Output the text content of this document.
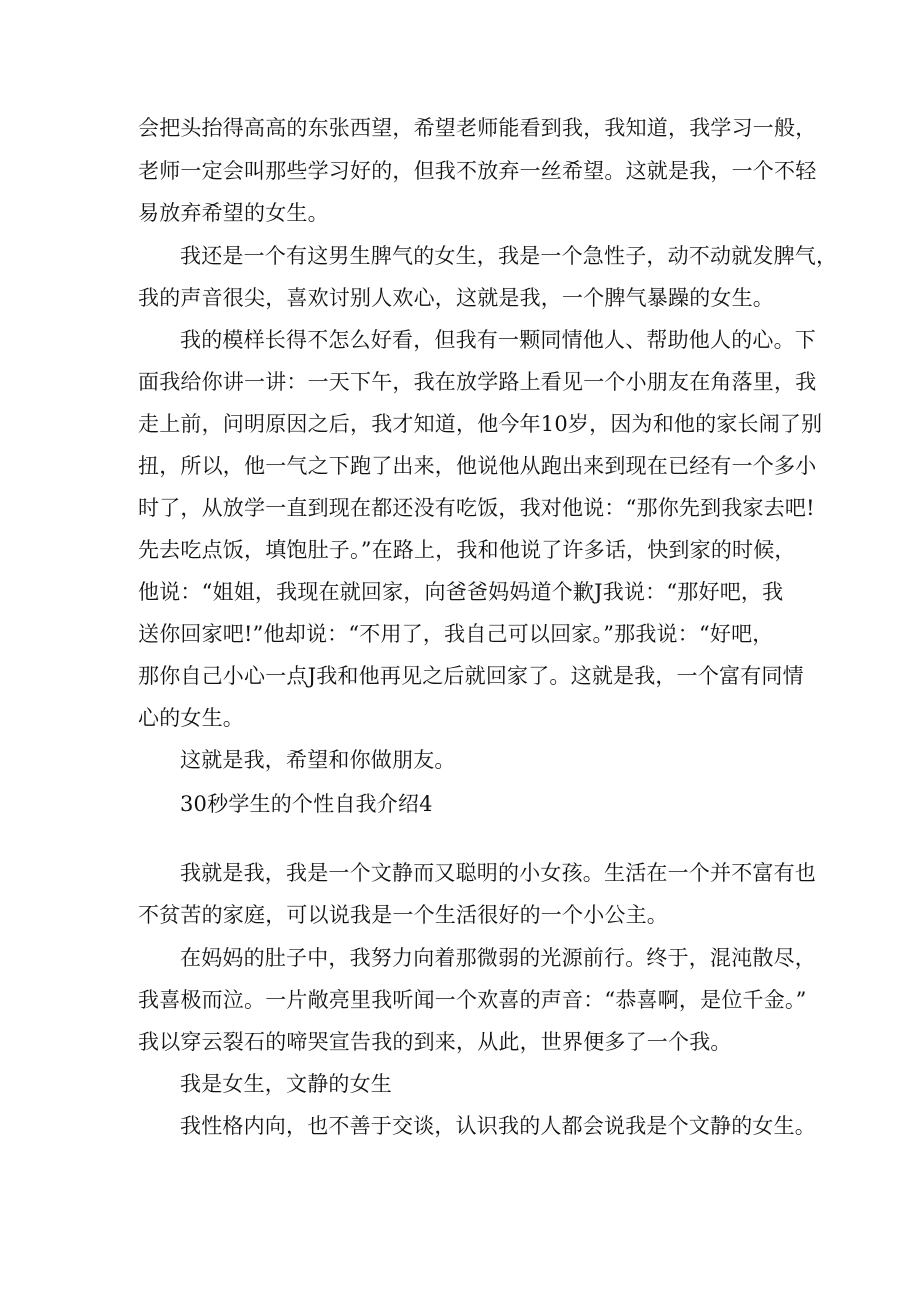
会把头抬得高高的东张西望，希望老师能看到我，我知道，我学习一般，
老师一定会叫那些学习好的，但我不放弃一丝希望。这就是我，一个不轻
易放弃希望的女生。
我还是一个有这男生脾气的女生，我是一个急性子，动不动就发脾气，
我的声音很尖，喜欢讨别人欢心，这就是我，一个脾气暴躁的女生。
我的模样长得不怎么好看，但我有一颗同情他人、帮助他人的心。下
面我给你讲一讲：一天下午，我在放学路上看见一个小朋友在角落里，我
走上前，问明原因之后，我才知道，他今年10岁，因为和他的家长闹了别
扭，所以，他一气之下跑了出来，他说他从跑出来到现在已经有一个多小
时了，从放学一直到现在都还没有吃饭，我对他说：“那你先到我家去吧!
先去吃点饭，填饱肚子。”在路上，我和他说了许多话，快到家的时候，
他说：“姐姐，我现在就回家，向爸爸妈妈道个歉J我说：“那好吧，我
送你回家吧!”他却说：“不用了，我自己可以回家。”那我说：“好吧，
那你自己小心一点J我和他再见之后就回家了。这就是我，一个富有同情
心的女生。
这就是我，希望和你做朋友。
30秒学生的个性自我介绍4
我就是我，我是一个文静而又聪明的小女孩。生活在一个并不富有也
不贫苦的家庭，可以说我是一个生活很好的一个小公主。
在妈妈的肚子中，我努力向着那微弱的光源前行。终于，混沌散尽，
我喜极而泣。一片敞亮里我听闻一个欢喜的声音：“恭喜啊，是位千金。”
我以穿云裂石的啼哭宣告我的到来，从此，世界便多了一个我。
我是女生，文静的女生
我性格内向，也不善于交谈，认识我的人都会说我是个文静的女生。
